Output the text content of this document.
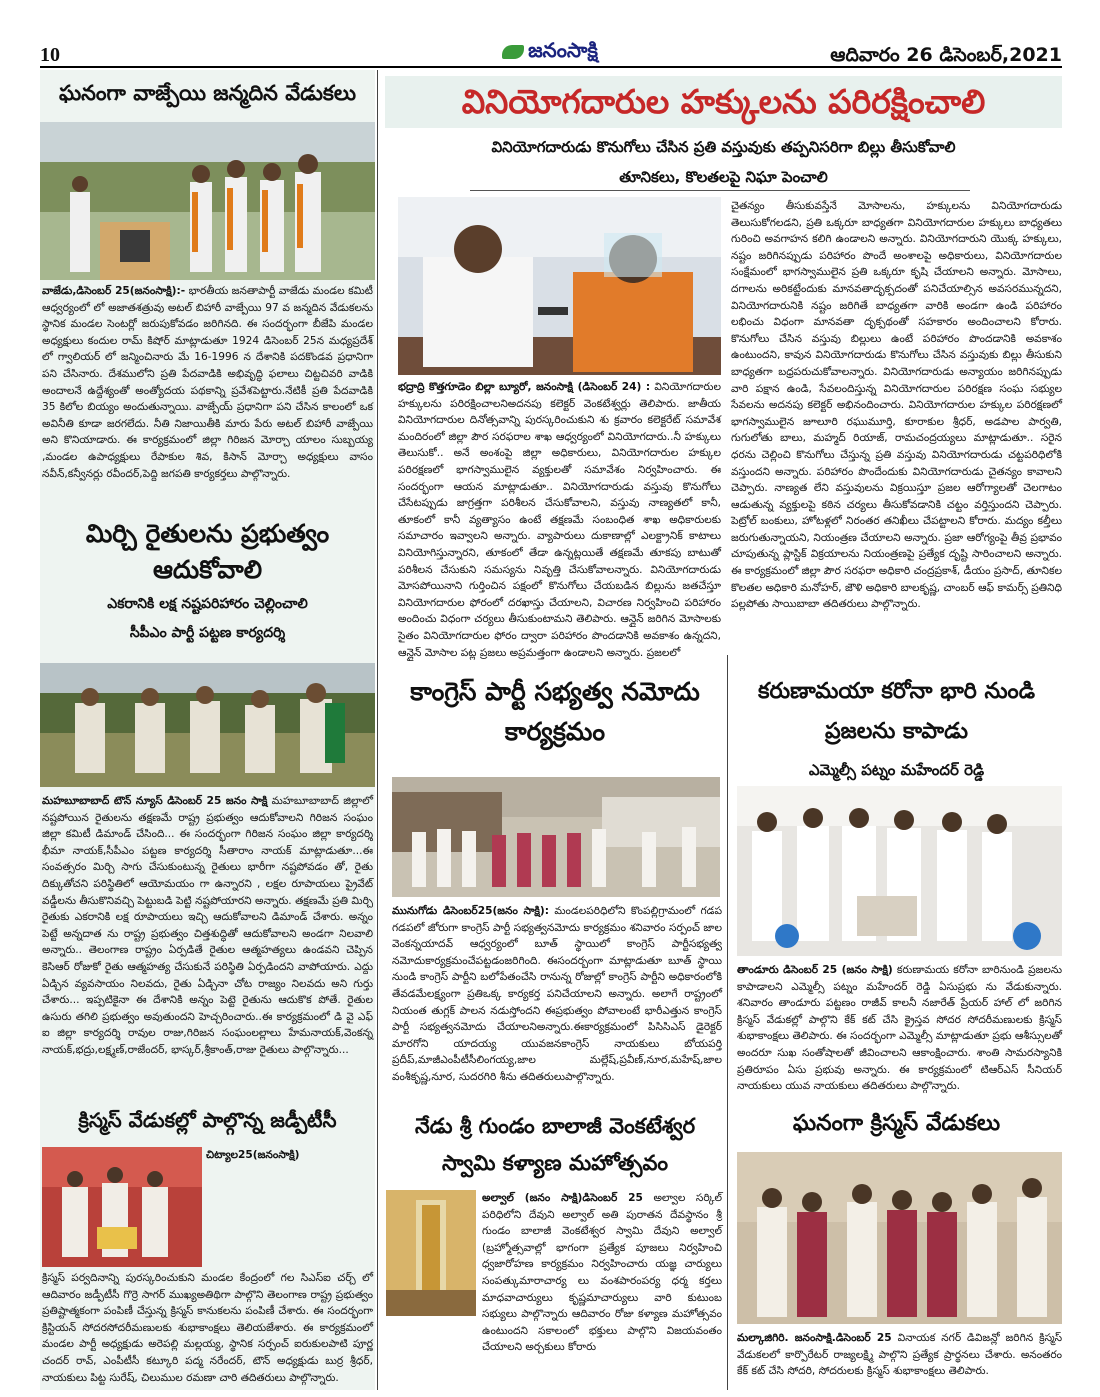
10	జనంసాక్షి	ఆదివారం 26 డిసెంబర్,2021
ఘనంగా వాజ్పేయి జన్మదిన వేడుకలు
వాజేడు,డిసెంబర్ 25(జనంసాక్షి):- భారతీయ జనతాపార్టీ వాజేడు మండల కమిటీ ఆధ్వర్యంలో లో అజాతశత్రువు అటల్ బిహారీ వాజ్పేయి 97 వ జన్మదిన వేడుకలను స్థానిక మండల సెంటర్లో జరుపుకోవడం జరిగినది. ఈ సందర్భంగా బీజేపి మండల అధ్యక్షులు కందుల రామ్ కిషోర్ మాట్లాడుతూ 1924 డిసెంబర్ 25న మధ్యప్రదేశ్ లో గ్వాలియర్ లో జన్మించినారు మే 16-1996 న దేశానికి పదకొండవ ప్రధానిగా పని చేసినారు. దేశములోని ప్రతి పేదవాడికి అభివృద్ధి ఫలాలు చిట్టచివరి వాడికి అందాలనే ఉద్దేశ్యంతో అంత్యోదయ పథకాన్ని ప్రవేశపెట్టారు.నేటికీ ప్రతి పేదవాడికి 35 కిలోల బియ్యం అందుతున్నాయి. వాజ్పేయ్ ప్రధానిగా పని చేసిన కాలంలో ఒక అవినీతి కూడా జరగలేదు. నీతి నిజాయితీకి మారు పేరు అటల్ బిహారీ వాజ్పేయి అని కొనియాడారు. ఈ కార్యక్రమంలో జిల్లా గిరిజన మోర్చా యాలం సుబ్బయ్య ,మండల ఉపాధ్యక్షులు రేపాకుల శివ, కిసాన్ మోర్చా అధ్యక్షులు వాసం నవీన్,కన్వీనర్లు రవీందర్,పెద్ది జగపతి కార్యకర్తలు పాల్గొన్నారు.
మిర్చి రైతులను ప్రభుత్వం ఆదుకోవాలి
ఎకరానికి లక్ష నష్టపరిహారం చెల్లించాలి
సీపీఎం పార్టీ పట్టణ కార్యదర్శి
మహబూబాబాద్ టౌన్ న్యూస్ డిసెంబర్ 25 జనం సాక్షి మహబూబాబాద్ జిల్లాలో నష్టపోయిన రైతులను తక్షణమే రాష్ట్ర ప్రభుత్వం ఆదుకోవాలని గిరిజన సంఘం జిల్లా కమిటీ డిమాండ్ చేసింది... ఈ సందర్భంగా గిరిజన సంఘం జిల్లా కార్యదర్శి భీమా నాయక్,సీపీఎం పట్టణ కార్యదర్శి సీతారాం నాయక్ మాట్లాడుతూ...ఈ సంవత్సరం మిర్చి సాగు చేసుకుంటున్న రైతులు భారీగా నష్టపోవడం తో, రైతు దిక్కుతోచని పరిస్థితిలో ఆయోమయం గా ఉన్నారని , లక్షల రూపాయలు ప్రైవేట్ వడ్డీలను తీసుకొనివచ్చి పెట్టుబడి పెట్టి నష్టపోయారని అన్నారు. తక్షణమే ప్రతి మిర్చి రైతుకు ఎకరానికి లక్ష రూపాయలు ఇచ్చి ఆదుకోవాలని డిమాండ్ చేశారు. అన్నం పెట్టే అన్నదాత ను రాష్ట్ర ప్రభుత్వం చిత్తశుద్ధితో ఆదుకోవాలని అండగా నిలవాలి అన్నారు.. తెలంగాణ రాష్ట్రం ఏర్పడితే రైతుల ఆత్మహత్యలు ఉండవని చెప్పిన కెసిఆర్ రోజుకో రైతు ఆత్మహత్య చేసుకునే పరిస్థితి ఏర్పడిందని వాపోయారు. ఎద్దు ఏడ్చిన వ్యవసాయం నిలవదు, రైతు ఏడ్చినా చోట రాజ్యం నిలవదు అని గుర్తు చేశారు... ఇప్పటికైనా ఈ దేశానికి అన్నం పెట్టె రైతును ఆదుకొక పోతే. రైతుల ఉసురు తగిలి ప్రభుత్వం అవుతుందని హెచ్చరించారు..ఈ కార్యక్రమంలో డి వై ఎఫ్ ఐ జిల్లా కార్యదర్శి రావుల రాజు,గిరిజన సంఘంలల్లాలు హేమనాయక్,వెంకన్న నాయక్,భద్రు,లక్ష్మణ్,రాజేందర్, భాస్కర్,శ్రీకాంత్,రాజు రైతులు పాల్గొన్నారు...
క్రిస్మస్ వేడుకల్లో పాల్గొన్న జడ్పీటీసీ
చిట్యాల25(జనంసాక్షి)
క్రిస్మస్ పర్వదినాన్ని పురస్కరించుకుని మండల కేంద్రంలో గల సిఎస్ఐ చర్చ్ లో ఆదివారం జడ్పీటీసీ గొర్రె సాగర్ ముఖ్యఅతిథిగా పాల్గొని తెలంగాణ రాష్ట్ర ప్రభుత్వం ప్రతిష్టాత్మకంగా పంపిణీ చేస్తున్న క్రిస్మస్ కానుకలను పంపిణీ చేశారు. ఈ సందర్భంగా క్రిస్టియన్ సోదరసోదరీమణులకు శుభాకాంక్షలు తెలియజేశారు. ఈ కార్యక్రమంలో మండల పార్టీ అధ్యక్షుడు అరెపల్లి మల్లయ్య, స్థానిక సర్పంచ్ ఐరుకులపాటి పూర్ణ చందర్ రావ్, ఎంపీటీసీ కట్కూరి పద్మ నరేందర్, టౌన్ అధ్యక్షుడు బుర్ర శ్రీధర్, నాయకులు పిట్ట సురేష్, చిలుముల రమణా చారి తదితరులు పాల్గొన్నారు.
వినియోగదారుల హక్కులను పరిరక్షించాలి
వినియోగదారుడు కొనుగోలు చేసిన ప్రతి వస్తువుకు తప్పనిసరిగా బిల్లు తీసుకోవాలి
తూనికలు, కొలతలపై నిఘా పెంచాలి
భద్రాద్రి కొత్తగూడెం బిల్లా బ్యూరో, జనంసాక్షి (డిసెంబర్ 24) : వినియోగదారుల హక్కులను పరిరక్షించాలనిఅదనపు కలెక్టర్ వెంకటేశ్వర్లు తెలిపారు. జాతీయ వినియోగదారుల దినోత్సవాన్ని పురస్కరించుకుని శు క్రవారం కలెక్టరేట్ సమావేశ మందిరంలో జిల్లా పౌర సరఫరాల శాఖ ఆధ్వర్యంలో వినియోగదారు..నీ హక్కులు తెలుసుకో.. అనే అంశంపై జిల్లా అధికారులు, వినియోగదారుల హక్కుల పరిరక్షణలో భాగస్వాములైన వ్యక్తులతో సమావేశం నిర్వహించారు. ఈ సందర్భంగా ఆయన మాట్లాడుతూ.. వినియోగదారుడు వస్తువు కొనుగోలు చేసేటప్పుడు జాగ్రత్తగా పరిశీలన చేసుకోవాలని, వస్తువు నాణ్యతలో కానీ, తూకంలో కానీ వ్యత్యాసం ఉంటే తక్షణమే సంబంధిత శాఖ అధికారులకు సమాచారం ఇవ్వాలని అన్నారు. వ్యాపారులు దుకాణాల్లో ఎలక్ట్రానిక్ కాటాలు వినియోగిస్తున్నారని, తూకంలో తేడా ఉన్నట్లయితే తక్షణమే తూకపు బాటుతో పరిశీలన చేసుకుని సమస్యను నివృత్తి చేసుకోవాలన్నారు. వినియోగదారుడు మోసపోయినాని గుర్తించిన పక్షంలో కొనుగోలు చేయబడిన బిల్లును జతచేస్తూ వినియోగదారుల ఫోరంలో దరఖాస్తు చేయాలని, విచారణ నిర్వహించి పరిహారం అందించు విధంగా చర్యలు తీసుకుంటామని తెలిపారు. ఆన్లైన్ జరిగిన మోసాలకు సైతం వినియోగదారుల ఫోరం ద్వారా పరిహారం పొందడానికి అవకాశం ఉన్నదని, ఆన్లైన్ మోసాల పట్ల ప్రజలు అప్రమత్తంగా ఉండాలని అన్నారు. ప్రజలలో
చైతన్యం తీసుకువస్తేనే మోసాలను, హక్కులను వినియోగదారుడు తెలుసుకోగలడని, ప్రతి ఒక్కరూ బాధ్యతగా వినియోగదారుల హక్కులు బాధ్యతలు గురించి అవగాహన కలిగి ఉండాలని అన్నారు. వినియోగదారుని యొక్క హక్కులు, నష్టం జరిగినప్పుడు పరిహారం పొందే అంశాలపై అధికారులు, వినియోగదారుల సంక్షేమంలో భాగస్వాములైన ప్రతి ఒక్కరూ కృషి చేయాలని అన్నారు. మోసాలు, దగాలను అరికట్టేందుకు మానవతాదృక్పదంతో పనిచేయాల్సిన అవసరమున్నదని, వినియోగదారునికి నష్టం జరిగితే బాధ్యతగా వారికి అండగా ఉండి పరిహారం లభించు విధంగా మానవతా దృక్పథంతో సహకారం అందించాలని కోరారు. కొనుగోలు చేసిన వస్తువు బిల్లులు ఉంటే పరిహారం పొందడానికి అవకాశం ఉంటుందని, కావున వినియోగదారుడు కొనుగోలు చేసిన వస్తువుకు బిల్లు తీసుకుని బాధ్యతగా బధ్రపరుచుకోవాలన్నారు. వినియోగదారుడు అన్యాయం జరిగినప్పుడు వారి పక్షాన ఉండి, సేవలందిస్తున్న వినియోగదారుల పరిరక్షణ సంఘ సభ్యుల సేవలను అదనపు కలెక్టర్ అభినందించారు. వినియోగదారుల హక్కుల పరిరక్షణలో భాగస్వాములైన జూలూరి రఘుమూర్తి, కూరాకుల శ్రీధర్, అడపాల పార్వతి, గుగులోతు బాలు, మహ్మద్ రియాజ్, రామచంద్రయ్యలు మాట్లాడుతూ.. సరైన ధరను చెల్లించి కొనుగోలు చేస్తున్న ప్రతి వస్తువు వినియోగదారుడు చట్టపరిధిలోకి వస్తుందని అన్నారు. పరిహారం పొందేందుకు వినియోగదారుడు చైతన్యం కావాలని చెప్పారు. నాణ్యత లేని వస్తువులను విక్రయిస్తూ ప్రజల ఆరోగ్యాలతో చెలగాటం ఆడుతున్న వ్యక్తులపై కఠిన చర్యలు తీసుకోవడానికి చట్టం వర్తిస్తుందని చెప్పారు. పెట్రోల్ బంకులు, హోటళ్లలో నిరంతర తనిఖీలు చేపట్టాలని కోరారు. మద్యం కల్తీలు జరుగుతున్నాయని, నియంత్రణ చేయాలని అన్నారు. ప్రజా ఆరోగ్యంపై తీవ్ర ప్రభావం చూపుతున్న ప్లాస్టిక్ విక్రయాలను నియంత్రణపై ప్రత్యేక దృష్టి సారించాలని అన్నారు. ఈ కార్యక్రమంలో జిల్లా పౌర సరఫరా అధికారి చంద్రప్రకాశ్, డీయం ప్రసాద్, తూనికల కొలతల అధికారి మనోహర్, జౌళి అధికారి బాలకృష్ణ, చాంబర్ ఆఫ్ కామర్స్ ప్రతినిధి పల్లపోతు సాయిబాబా తదితరులు పాల్గొన్నారు.
కాంగ్రెస్ పార్టీ సభ్యత్వ నమోదు కార్యక్రమం
మునుగోడు డిసెంబర్25(జనం సాక్షి): మండలపరిధిలోని కొంపల్లిగ్రామంలో గడప గడపలో జోరుగా కాంగ్రెస్ పార్టీ సభ్యత్వనమోదు కార్యక్రమం శనివారం సర్పంచ్ జాల వెంకన్నయాదవ్ ఆధ్వర్యంలో బూత్ స్థాయిలో కాంగ్రెస్ పార్టీసభ్యత్వ నమోదుకార్యక్రమంచేపట్టడంజరిగింది. ఈసందర్బంగా మాట్లాడుతూ బూత్ స్థాయి నుండి కాంగ్రెస్ పార్టీని బలోపేతంచేసి రానున్న రోజుల్లో కాంగ్రెస్ పార్టీని అధికారంలోకి తేవడమేలక్ష్యంగా ప్రతిఒక్క కార్యకర్త పనిచేయాలని అన్నారు. అలాగే రాష్ట్రంలో నియంత తుగ్లక్ పాలన నడుస్తోందని ఈప్రభుత్వం పోవాలంటే భారీఎత్తున కాంగ్రెస్ పార్టీ సభ్యత్వనమోదు చేయాలనిఅన్నారు.ఈకార్యక్రమంలో పిసిసిఎస్ డైరెక్టర్ మారగోని యాదయ్య యువజనకాంగ్రెస్ నాయకులు బోయపర్తి ప్రదీప్,మాజీఎంపీటీసీలింగయ్య,జాల మల్లేష్,ప్రవీణ్,నూర,మహేష్,జాల వంశీకృష్ణ,నూర, సుదరగిరి శీను తదితరులుపాల్గొన్నారు.
నేడు శ్రీ గుండం బాలాజీ వెంకటేశ్వర
స్వామి కళ్యాణ మహోత్సవం
అల్వాల్ (జనం సాక్షి)డిసెంబర్ 25 అల్వాల సర్కిల్ పరిధిలోని దేవుని అల్వాల్ అతి పురాతన దేవస్థానం శ్రీ గుండం బాలాజీ వెంకటేశ్వర స్వామి దేవుని అల్వాల్ (బ్రహ్మోత్సవాల్లో భాగంగా ప్రత్యేక పూజలు నిర్వహించి ధ్వజారోహణ కార్యక్రమం నిర్వహించారు యజ్ఞ చార్యులు సంపత్కుమారాచార్య లు వంశపారంపర్య ధర్మ కర్తలు మాధవాచార్యులు కృష్ణమాచార్యులు వారి కుటుంబ సభ్యులు పాల్గొన్నారు ఆదివారం రోజు కళ్యాణ మహోత్సవం ఉంటుందని సకాలంలో భక్తులు పాల్గొని విజయవంతం చేయాలని అర్చకులు కోరారు
కరుణామయా కరోనా భారి నుండి ప్రజలను కాపాడు
ఎమ్మెల్సీ పట్నం మహేందర్ రెడ్డి
తాండూరు డిసెంబర్ 25 (జనం సాక్షి) కరుణామయ కరోనా బారినుండి ప్రజలను కాపాడాలని ఎమ్మెల్సీ పట్నం మహేందర్ రెడ్డి ఏసుప్రభు ను వేడుకున్నారు. శనివారం తాండూరు పట్టణం రాజీవ్ కాలనీ నజారేత్ ప్రేయర్ హాల్ లో జరిగిన క్రిస్మస్ వేడుకల్లో పాల్గొని కేక్ కట్ చేసి క్రైస్తవ సోదర సోదరీమణులకు క్రిస్మస్ శుభాకాంక్షలు తెలిపారు. ఈ సందర్భంగా ఎమ్మెల్సీ మాట్లాడుతూ ప్రభు ఆశీస్సులతో అందరూ సుఖ సంతోషాలతో జీవించాలని ఆకాంక్షించారు. శాంతి సామరస్యానికి ప్రతిరూపం ఏసు ప్రభువు అన్నారు. ఈ కార్యక్రమంలో టిఆర్ఎస్ సీనియర్ నాయకులు యువ నాయకులు తదితరులు పాల్గొన్నారు.
ఘనంగా క్రిస్మస్ వేడుకలు
మల్కాజిగిరి. జనంసాక్షి.డిసెంబర్ 25 వినాయక నగర్ డివిజన్లో జరిగిన క్రిస్మస్ వేడుకలలో కార్పొరేటర్ రాజ్యలక్ష్మి పాల్గొని ప్రత్యేక ప్రార్థనలు చేశారు. అనంతరం కేక్ కట్ చేసి సోదరి, సోదరులకు క్రిస్మస్ శుభాకాంక్షలు తెలిపారు.
